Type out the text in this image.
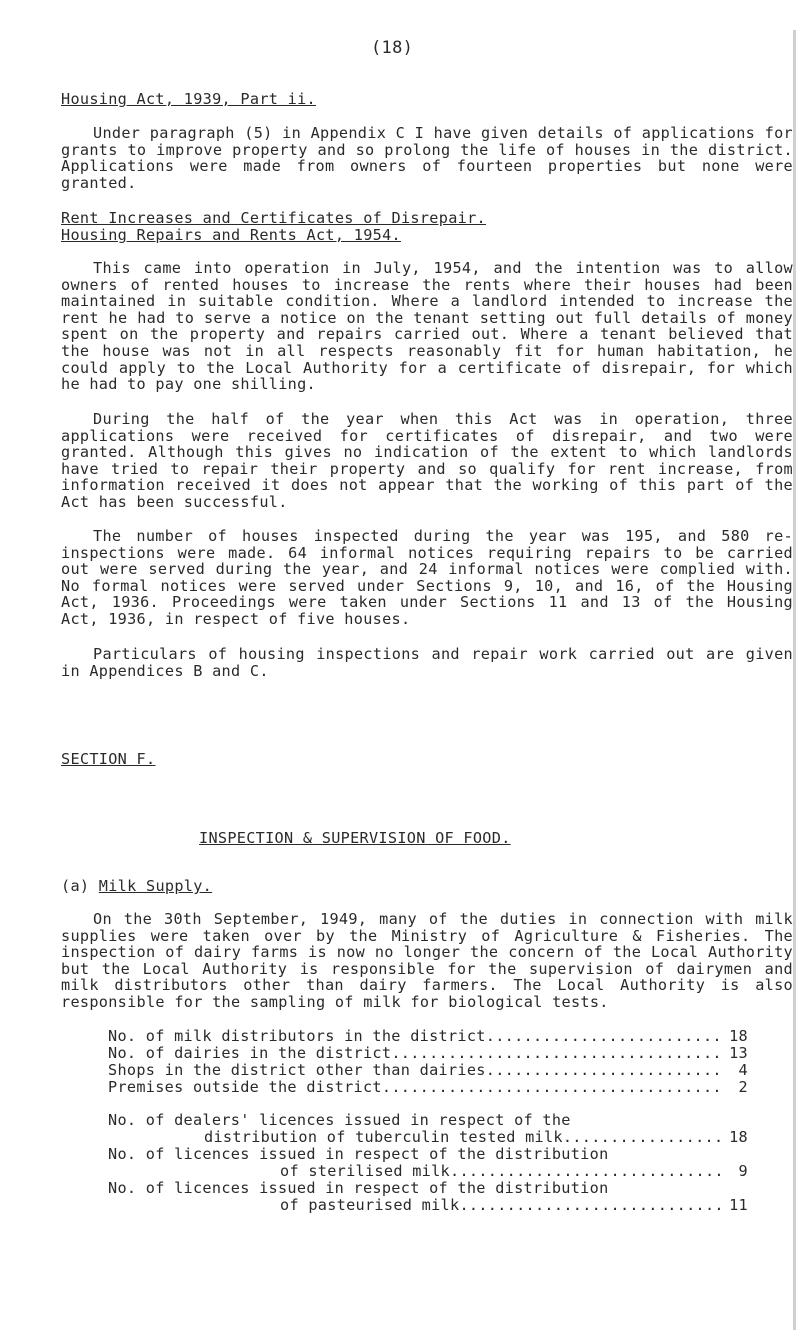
(18)
Housing Act, 1939, Part ii.

Under paragraph (5) in Appendix C I have given details of applications for grants to improve property and so prolong the life of houses in the district. Applications were made from owners of fourteen properties but none were granted.

Rent Increases and Certificates of Disrepair.
Housing Repairs and Rents Act, 1954.

This came into operation in July, 1954, and the intention was to allow owners of rented houses to increase the rents where their houses had been maintained in suitable condition. Where a landlord intended to increase the rent he had to serve a notice on the tenant setting out full details of money spent on the property and repairs carried out. Where a tenant believed that the house was not in all respects reasonably fit for human habitation, he could apply to the Local Authority for a certificate of disrepair, for which he had to pay one shilling.

During the half of the year when this Act was in operation, three applications were received for certificates of disrepair, and two were granted. Although this gives no indication of the extent to which landlords have tried to repair their property and so qualify for rent increase, from information received it does not appear that the working of this part of the Act has been successful.

The number of houses inspected during the year was 195, and 580 re-inspections were made. 64 informal notices requiring repairs to be carried out were served during the year, and 24 informal notices were complied with. No formal notices were served under Sections 9, 10, and 16, of the Housing Act, 1936. Proceedings were taken under Sections 11 and 13 of the Housing Act, 1936, in respect of five houses.

Particulars of housing inspections and repair work carried out are given in Appendices B and C.

SECTION F.
INSPECTION & SUPERVISION OF FOOD.
(a) Milk Supply.

On the 30th September, 1949, many of the duties in connection with milk supplies were taken over by the Ministry of Agriculture & Fisheries. The inspection of dairy farms is now no longer the concern of the Local Authority but the Local Authority is responsible for the supervision of dairymen and milk distributors other than dairy farmers. The Local Authority is also responsible for the sampling of milk for biological tests.

No. of milk distributors in the district .....	18
No. of dairies in the district .....	13
Shops in the district other than dairies .....	4
Premises outside the district .....	2
No. of dealers' licences issued in respect of the
distribution of tuberculin tested milk .....	18
No. of licences issued in respect of the distribution
of sterilised milk .....	9
No. of licences issued in respect of the distribution
of pasteurised milk .....	11
